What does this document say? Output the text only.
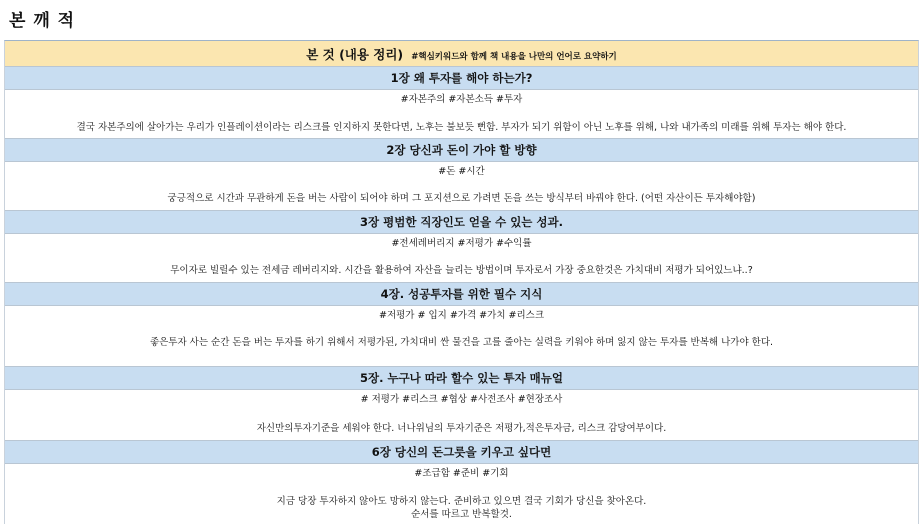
본 깨 적
본 것 (내용 정리) #핵심키워드와 함께 책 내용을 나만의 언어로 요약하기
1장 왜 투자를 해야 하는가?
#자본주의 #자본소득 #투자
결국 자본주의에 살아가는 우리가 인플레이션이라는 리스크를 인지하지 못한다면, 노후는 불보듯 뻔함. 부자가 되기 위함이 아닌 노후를 위해, 나와 내가족의 미래를 위해 투자는 해야 한다.
2장 당신과 돈이 가야 할 방향
#돈 #시간
궁긍적으로 시간과 무관하게 돈을 버는 사람이 되어야 하며 그 포지션으로 가려면 돈을 쓰는 방식부터 바꿔야 한다. (어떤 자산이든 투자해야함)
3장 평범한 직장인도 얻을 수 있는 성과.
#전세레버리지 #저평가 #수익률
무이자로 빌릴수 있는 전세금 레버리지와. 시간을 활용하여 자산을 늘리는 방법이며 투자로서 가장 중요한것은 가치대비 저평가 되어있느냐..?
4장. 성공투자를 위한 필수 지식
#저평가 # 입지 #가격 #가치 #리스크
좋은투자 사는 순간 돈을 버는 투자를 하기 위해서 저평가된, 가치대비 싼 물건을 고를 줄아는 실력을 키워야 하며 잃지 않는 투자를 반복해 나가야 한다.
5장. 누구나 따라 할수 있는 투자 매뉴얼
# 저평가 #리스크 #협상 #사전조사 #현장조사
자신만의투자기준을 세워야 한다. 너나위님의 투자기준은 저평가,적은투자금, 리스크 감당여부이다.
6장 당신의 돈그릇을 키우고 싶다면
#조급함 #준비 #기회
지금 당장 투자하지 않아도 망하지 않는다. 준비하고 있으면 결국 기회가 당신을 찾아온다.
순서를 따르고 반복할것.
